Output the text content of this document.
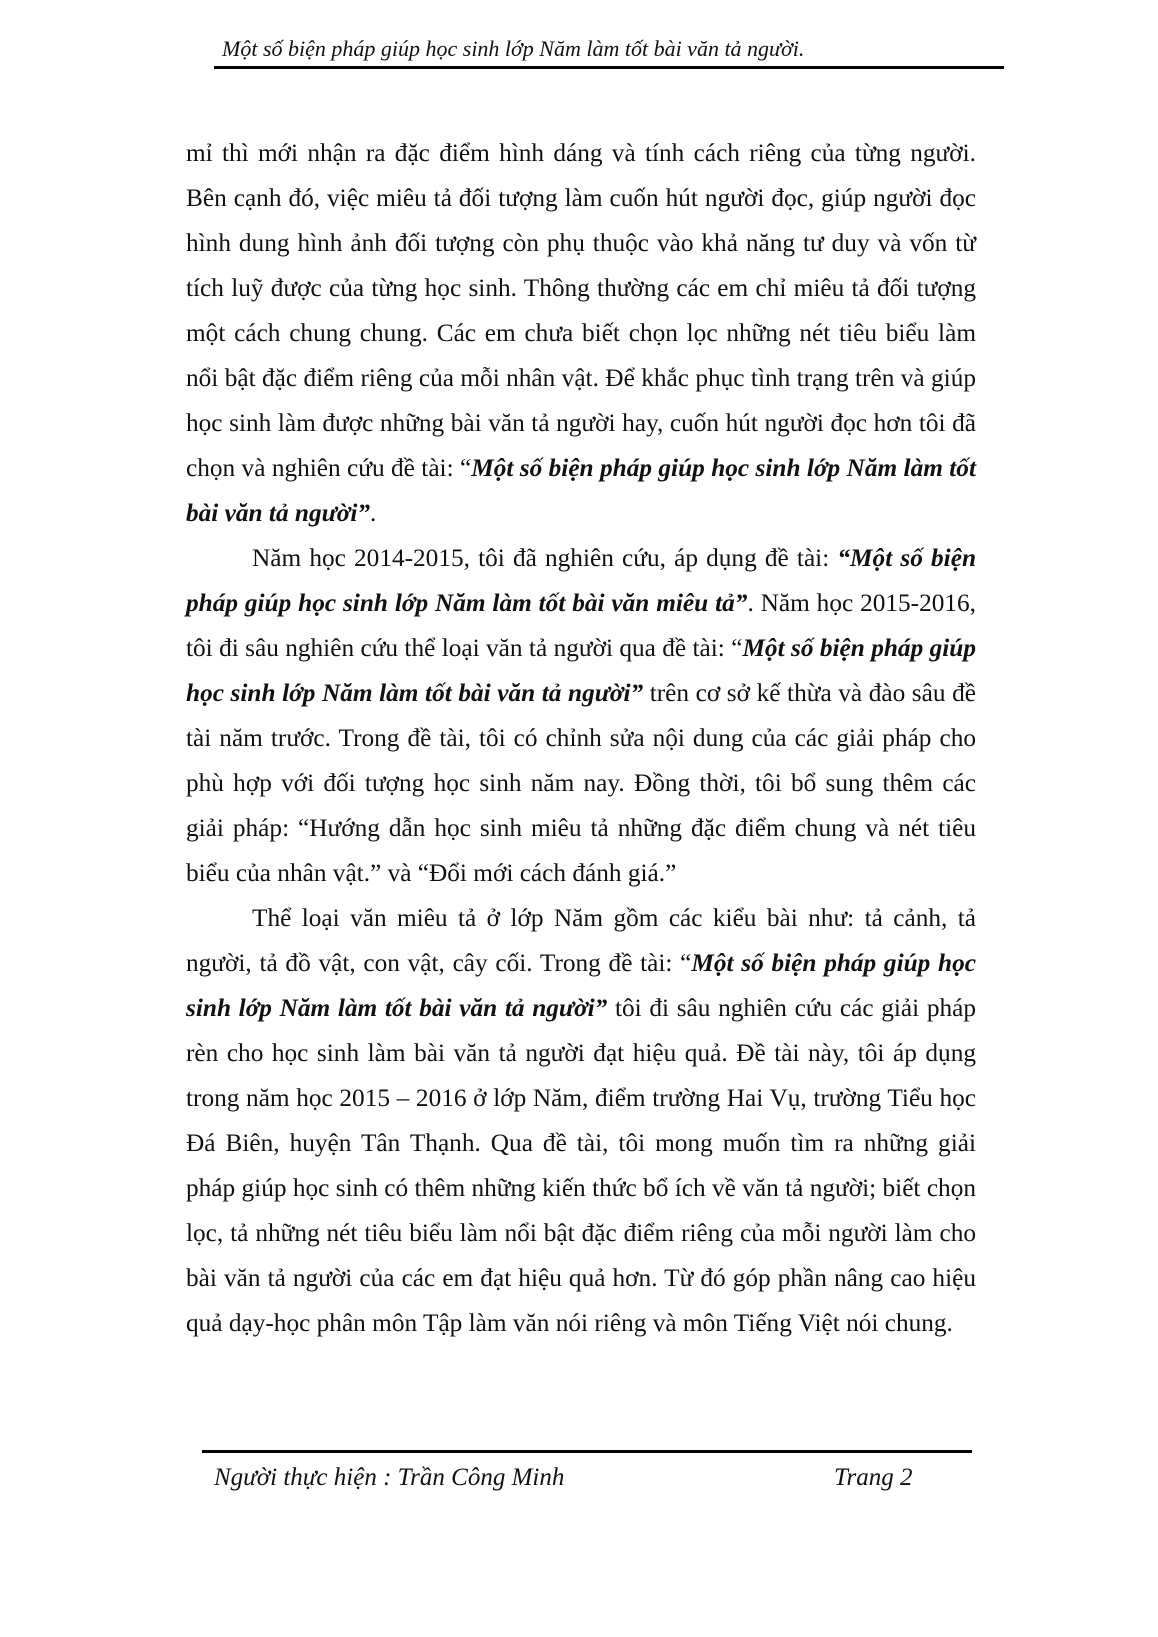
Một số biện pháp giúp học sinh lớp Năm làm tốt bài văn tả người.

mỉ thì mới nhận ra đặc điểm hình dáng và tính cách riêng của từng người. Bên cạnh đó, việc miêu tả đối tượng làm cuốn hút người đọc, giúp người đọc hình dung hình ảnh đối tượng còn phụ thuộc vào khả năng tư duy và vốn từ tích luỹ được của từng học sinh. Thông thường các em chỉ miêu tả đối tượng một cách chung chung. Các em chưa biết chọn lọc những nét tiêu biểu làm nổi bật đặc điểm riêng của mỗi nhân vật. Để khắc phục tình trạng trên và giúp học sinh làm được những bài văn tả người hay, cuốn hút người đọc hơn tôi đã chọn và nghiên cứu đề tài: “Một số biện pháp giúp học sinh lớp Năm làm tốt bài văn tả người”.

Năm học 2014-2015, tôi đã nghiên cứu, áp dụng đề tài: “Một số biện pháp giúp học sinh lớp Năm làm tốt bài văn miêu tả”. Năm học 2015-2016, tôi đi sâu nghiên cứu thể loại văn tả người qua đề tài: “Một số biện pháp giúp học sinh lớp Năm làm tốt bài văn tả người” trên cơ sở kế thừa và đào sâu đề tài năm trước. Trong đề tài, tôi có chỉnh sửa nội dung của các giải pháp cho phù hợp với đối tượng học sinh năm nay. Đồng thời, tôi bổ sung thêm các giải pháp: “Hướng dẫn học sinh miêu tả những đặc điểm chung và nét tiêu biểu của nhân vật.” và “Đổi mới cách đánh giá.”

Thể loại văn miêu tả ở lớp Năm gồm các kiểu bài như: tả cảnh, tả người, tả đồ vật, con vật, cây cối. Trong đề tài: “Một số biện pháp giúp học sinh lớp Năm làm tốt bài văn tả người” tôi đi sâu nghiên cứu các giải pháp rèn cho học sinh làm bài văn tả người đạt hiệu quả. Đề tài này, tôi áp dụng trong năm học 2015 – 2016 ở lớp Năm, điểm trường Hai Vụ, trường Tiểu học Đá Biên, huyện Tân Thạnh. Qua đề tài, tôi mong muốn tìm ra những giải pháp giúp học sinh có thêm những kiến thức bổ ích về văn tả người; biết chọn lọc, tả những nét tiêu biểu làm nổi bật đặc điểm riêng của mỗi người làm cho bài văn tả người của các em đạt hiệu quả hơn. Từ đó góp phần nâng cao hiệu quả dạy-học phân môn Tập làm văn nói riêng và môn Tiếng Việt nói chung.

Người thực hiện : Trần Công Minh	Trang 2
